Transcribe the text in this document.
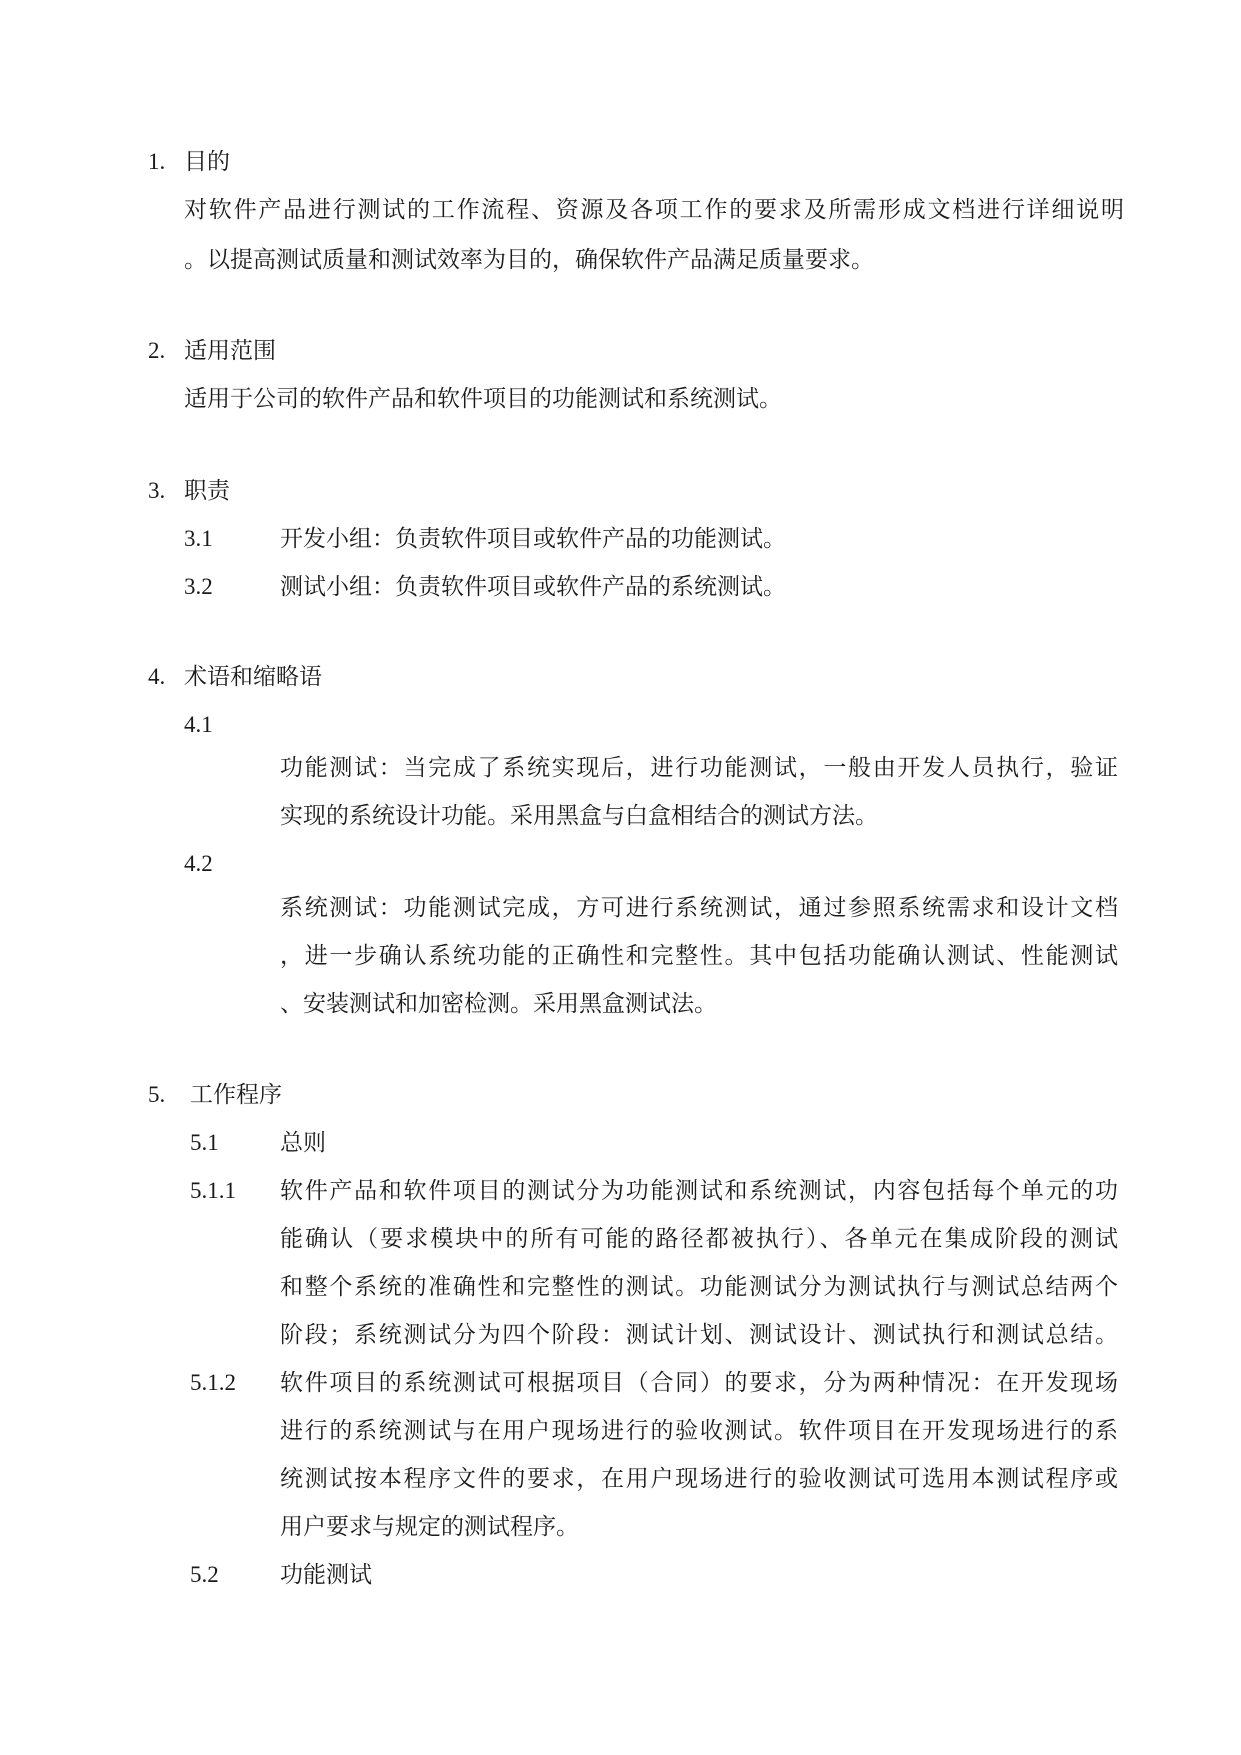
1. 目的
对软件产品进行测试的工作流程、资源及各项工作的要求及所需形成文档进行详细说明
。以提高测试质量和测试效率为目的，确保软件产品满足质量要求。
2. 适用范围
适用于公司的软件产品和软件项目的功能测试和系统测试。
3. 职责
3.1	开发小组：负责软件项目或软件产品的功能测试。
3.2	测试小组：负责软件项目或软件产品的系统测试。
4. 术语和缩略语
4.1
功能测试：当完成了系统实现后，进行功能测试，一般由开发人员执行，验证
实现的系统设计功能。采用黑盒与白盒相结合的测试方法。
4.2
系统测试：功能测试完成，方可进行系统测试，通过参照系统需求和设计文档
，进一步确认系统功能的正确性和完整性。其中包括功能确认测试、性能测试
、安装测试和加密检测。采用黑盒测试法。
5. 工作程序
5.1	总则
5.1.1 软件产品和软件项目的测试分为功能测试和系统测试，内容包括每个单元的功
能确认（要求模块中的所有可能的路径都被执行）、各单元在集成阶段的测试
和整个系统的准确性和完整性的测试。功能测试分为测试执行与测试总结两个
阶段；系统测试分为四个阶段：测试计划、测试设计、测试执行和测试总结。
5.1.2 软件项目的系统测试可根据项目（合同）的要求，分为两种情况：在开发现场
进行的系统测试与在用户现场进行的验收测试。软件项目在开发现场进行的系
统测试按本程序文件的要求，在用户现场进行的验收测试可选用本测试程序或
用户要求与规定的测试程序。
5.2	功能测试
